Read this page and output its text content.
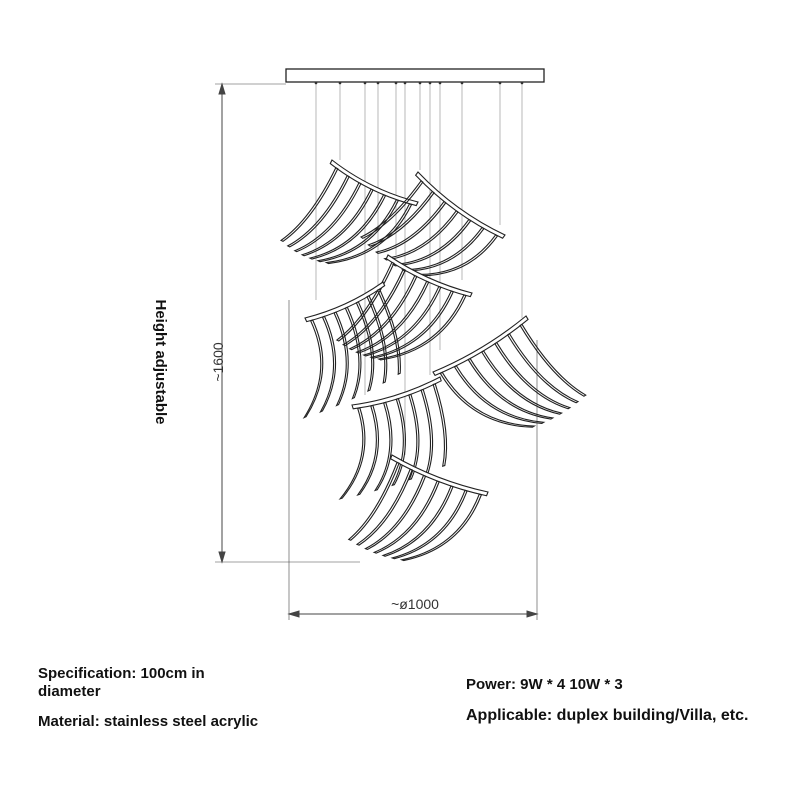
~1600
Height adjustable
~ø1000
Specification: 100cm in diameter
Material: stainless steel acrylic
Power: 9W * 4 10W * 3
Applicable: duplex building/Villa, etc.
